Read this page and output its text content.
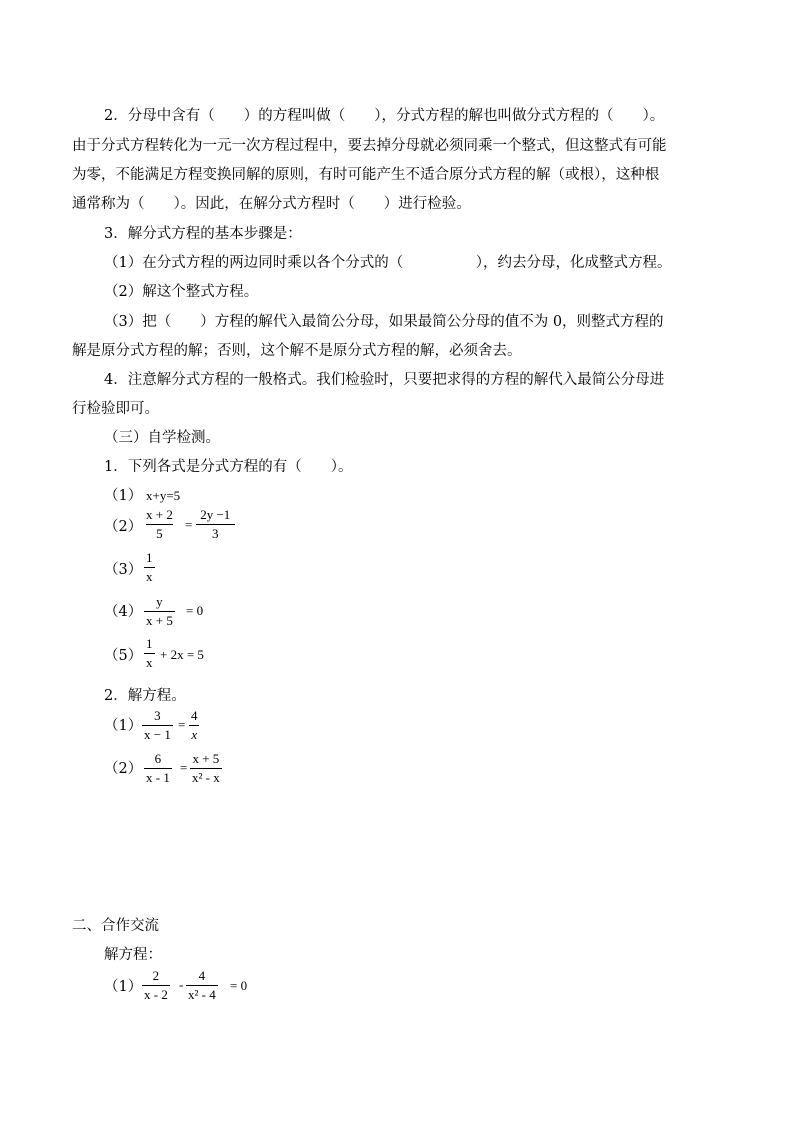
2．分母中含有（　　）的方程叫做（　　），分式方程的解也叫做分式方程的（　　）。
由于分式方程转化为一元一次方程过程中，要去掉分母就必须同乘一个整式，但这整式有可能
为零，不能满足方程变换同解的原则，有时可能产生不适合原分式方程的解（或根），这种根
通常称为（　　）。因此，在解分式方程时（　　）进行检验。
3．解分式方程的基本步骤是：
（1）在分式方程的两边同时乘以各个分式的（　　　　　），约去分母，化成整式方程。
（2）解这个整式方程。
（3）把（　　）方程的解代入最简公分母，如果最简公分母的值不为 0，则整式方程的
解是原分式方程的解；否则，这个解不是原分式方程的解，必须舍去。
4．注意解分式方程的一般格式。我们检验时，只要把求得的方程的解代入最简公分母进
行检验即可。
（三）自学检测。
1．下列各式是分式方程的有（　　）。
（1） x+y=5
$(2) \frac{x + 2}{5} = \frac{2y -1}{3}$
$(3) \frac{1}{x}$
$(4) \frac{y}{x + 5} = 0$
$(5) \frac{1}{x} + 2x = 5$
2．解方程。
$(1) \frac{3}{x - 1} = \frac{4}{x}$
$(2) \frac{6}{x - 1} = \frac{x + 5}{\text{x² - x}}$
二、合作交流
解方程：
$(1) \frac{2}{x - 2} - \frac{4}{\text{x² - 4}} = 0$
